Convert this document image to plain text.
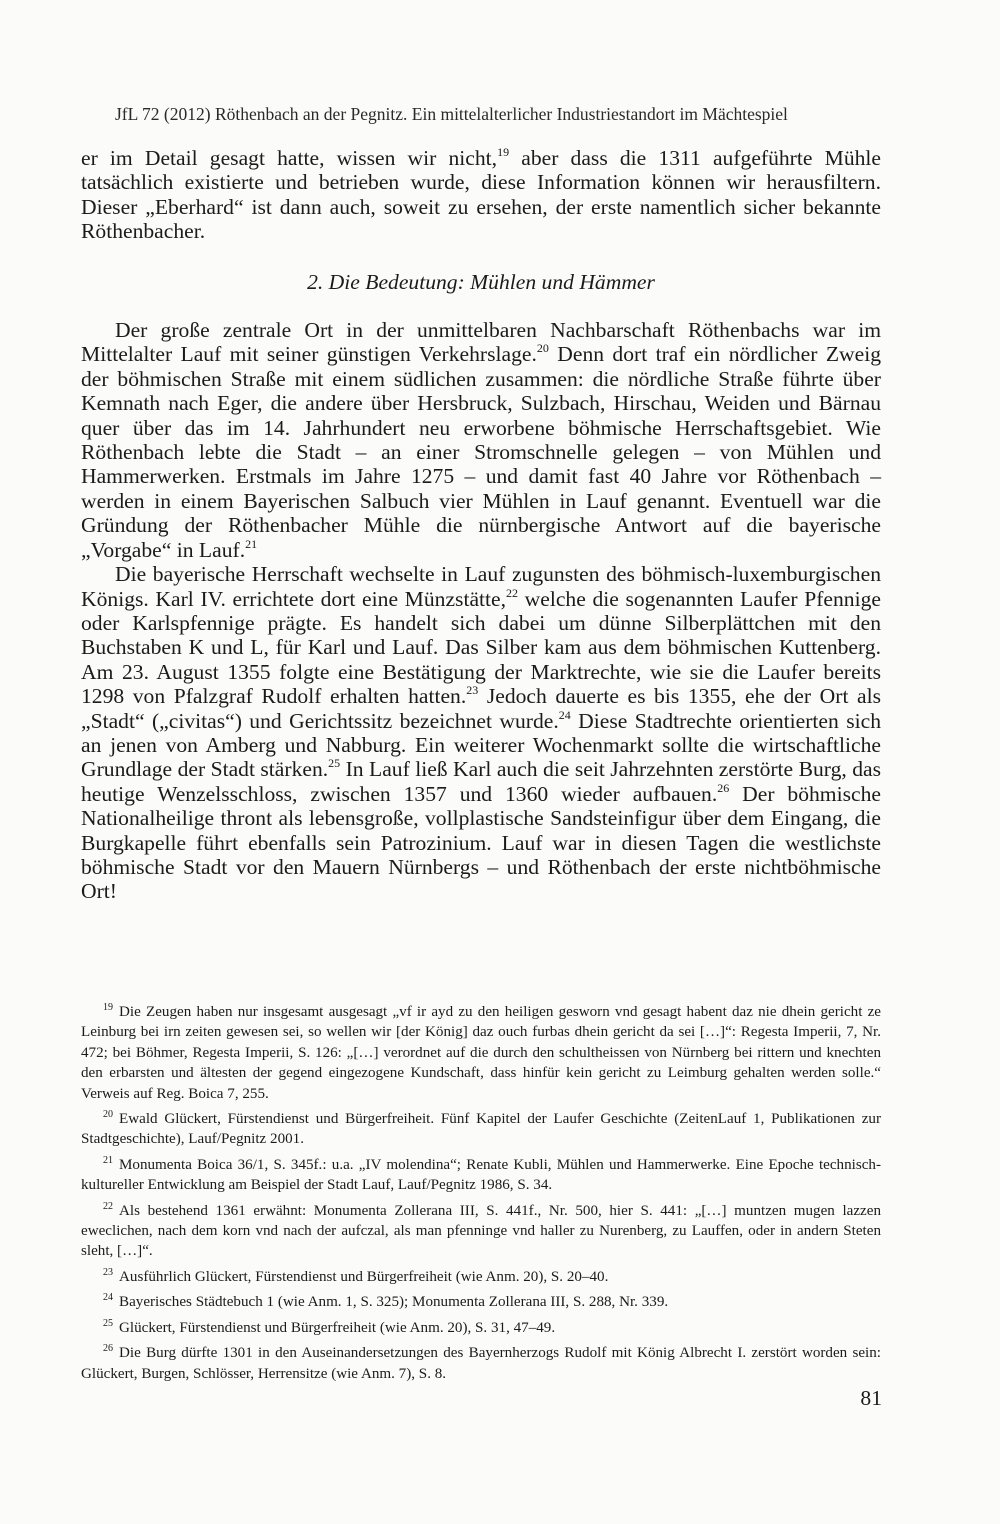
JfL 72 (2012) Röthenbach an der Pegnitz. Ein mittelalterlicher Industriestandort im Mächtespiel

er im Detail gesagt hatte, wissen wir nicht,$^{19}$ aber dass die 1311 aufgeführte Mühle tatsächlich existierte und betrieben wurde, diese Information können wir herausfiltern. Dieser „Eberhard“ ist dann auch, soweit zu ersehen, der erste namentlich sicher bekannte Röthenbacher.

2. Die Bedeutung: Mühlen und Hämmer

Der große zentrale Ort in der unmittelbaren Nachbarschaft Röthenbachs war im Mittelalter Lauf mit seiner günstigen Verkehrslage.$^{20}$ Denn dort traf ein nördlicher Zweig der böhmischen Straße mit einem südlichen zusammen: die nördliche Straße führte über Kemnath nach Eger, die andere über Hersbruck, Sulzbach, Hirschau, Weiden und Bärnau quer über das im 14. Jahrhundert neu erworbene böhmische Herrschaftsgebiet. Wie Röthenbach lebte die Stadt – an einer Stromschnelle gelegen – von Mühlen und Hammerwerken. Erstmals im Jahre 1275 – und damit fast 40 Jahre vor Röthenbach – werden in einem Bayerischen Salbuch vier Mühlen in Lauf genannt. Eventuell war die Gründung der Röthenbacher Mühle die nürnbergische Antwort auf die bayerische „Vorgabe“ in Lauf.$^{21}$

Die bayerische Herrschaft wechselte in Lauf zugunsten des böhmisch-luxemburgischen Königs. Karl IV. errichtete dort eine Münzstätte,$^{22}$ welche die sogenannten Laufer Pfennige oder Karlspfennige prägte. Es handelt sich dabei um dünne Silberplättchen mit den Buchstaben K und L, für Karl und Lauf. Das Silber kam aus dem böhmischen Kuttenberg. Am 23. August 1355 folgte eine Bestätigung der Marktrechte, wie sie die Laufer bereits 1298 von Pfalzgraf Rudolf erhalten hatten.$^{23}$ Jedoch dauerte es bis 1355, ehe der Ort als „Stadt“ („civitas“) und Gerichtssitz bezeichnet wurde.$^{24}$ Diese Stadtrechte orientierten sich an jenen von Amberg und Nabburg. Ein weiterer Wochenmarkt sollte die wirtschaftliche Grundlage der Stadt stärken.$^{25}$ In Lauf ließ Karl auch die seit Jahrzehnten zerstörte Burg, das heutige Wenzelsschloss, zwischen 1357 und 1360 wieder aufbauen.$^{26}$ Der böhmische Nationalheilige thront als lebensgroße, vollplastische Sandsteinfigur über dem Eingang, die Burgkapelle führt ebenfalls sein Patrozinium. Lauf war in diesen Tagen die westlichste böhmische Stadt vor den Mauern Nürnbergs – und Röthenbach der erste nichtböhmische Ort!

$^{19}$ Die Zeugen haben nur insgesamt ausgesagt „vf ir ayd zu den heiligen gesworn vnd gesagt habent daz nie dhein gericht ze Leinburg bei irn zeiten gewesen sei, so wellen wir [der König] daz ouch furbas dhein gericht da sei […]“: Regesta Imperii, 7, Nr. 472; bei Böhmer, Regesta Imperii, S. 126: „[…] verordnet auf die durch den schultheissen von Nürnberg bei rittern und knechten den erbarsten und ältesten der gegend eingezogene Kundschaft, dass hinfür kein gericht zu Leimburg gehalten werden solle.“ Verweis auf Reg. Boica 7, 255.

$^{20}$ Ewald Glückert, Fürstendienst und Bürgerfreiheit. Fünf Kapitel der Laufer Geschichte (ZeitenLauf 1, Publikationen zur Stadtgeschichte), Lauf/Pegnitz 2001.

$^{21}$ Monumenta Boica 36/1, S. 345f.: u.a. „IV molendina“; Renate Kubli, Mühlen und Hammerwerke. Eine Epoche technisch-kultureller Entwicklung am Beispiel der Stadt Lauf, Lauf/Pegnitz 1986, S. 34.

$^{22}$ Als bestehend 1361 erwähnt: Monumenta Zollerana III, S. 441f., Nr. 500, hier S. 441: „[…] muntzen mugen lazzen eweclichen, nach dem korn vnd nach der aufczal, als man pfenninge vnd haller zu Nurenberg, zu Lauffen, oder in andern Steten sleht, […]“.

$^{23}$ Ausführlich Glückert, Fürstendienst und Bürgerfreiheit (wie Anm. 20), S. 20–40.

$^{24}$ Bayerisches Städtebuch 1 (wie Anm. 1, S. 325); Monumenta Zollerana III, S. 288, Nr. 339.

$^{25}$ Glückert, Fürstendienst und Bürgerfreiheit (wie Anm. 20), S. 31, 47–49.

$^{26}$ Die Burg dürfte 1301 in den Auseinandersetzungen des Bayernherzogs Rudolf mit König Albrecht I. zerstört worden sein: Glückert, Burgen, Schlösser, Herrensitze (wie Anm. 7), S. 8.

81
